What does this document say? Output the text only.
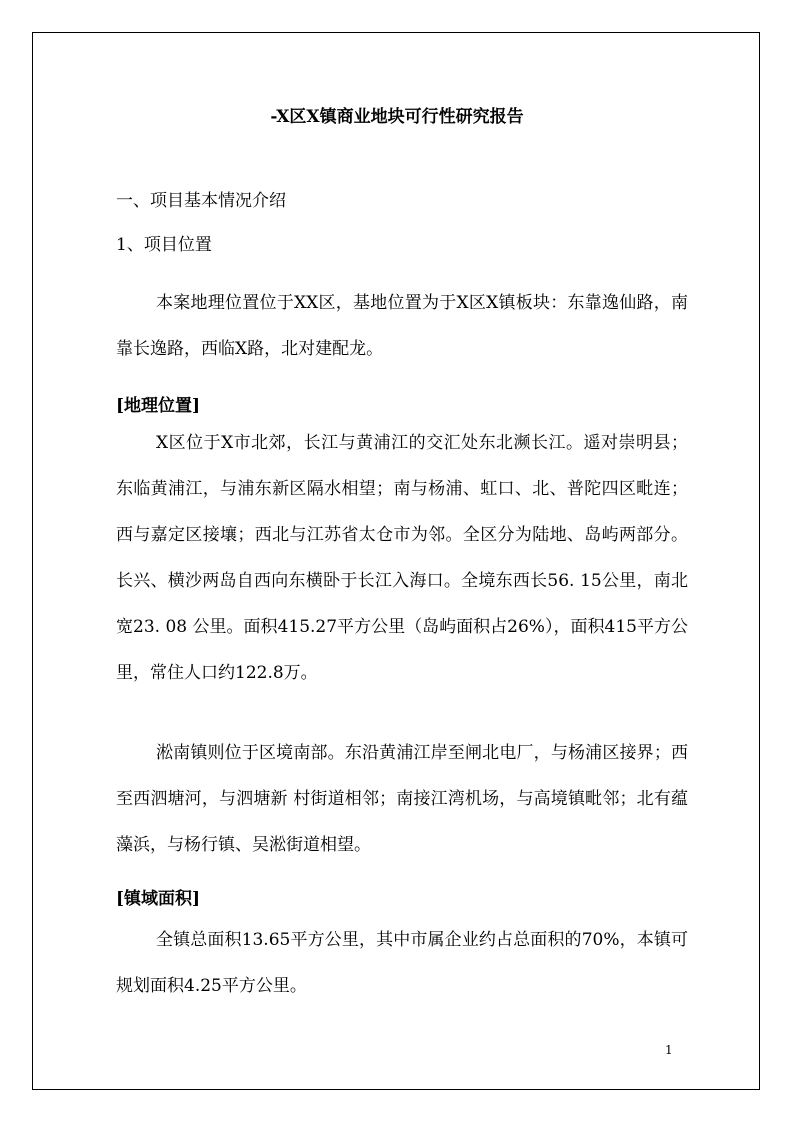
-X区X镇商业地块可行性研究报告
一、项目基本情况介绍
1、项目位置

本案地理位置位于XX区，基地位置为于X区X镇板块：东靠逸仙路，南靠长逸路，西临X路，北对建配龙。

[地理位置]

X区位于X市北郊，长江与黄浦江的交汇处东北濒长江。遥对崇明县；东临黄浦江，与浦东新区隔水相望；南与杨浦、虹口、北、普陀四区毗连；西与嘉定区接壤；西北与江苏省太仓市为邻。全区分为陆地、岛屿两部分。长兴、横沙两岛自西向东横卧于长江入海口。全境东西长56. 15公里，南北宽23. 08 公里。面积415.27平方公里（岛屿面积占26%），面积415平方公里，常住人口约122.8万。

淞南镇则位于区境南部。东沿黄浦江岸至闸北电厂，与杨浦区接界；西至西泗塘河，与泗塘新 村街道相邻；南接江湾机场，与高境镇毗邻；北有蕴藻浜，与杨行镇、吴淞街道相望。

[镇域面积]

全镇总面积13.65平方公里，其中市属企业约占总面积的70%，本镇可规划面积4.25平方公里。

1
